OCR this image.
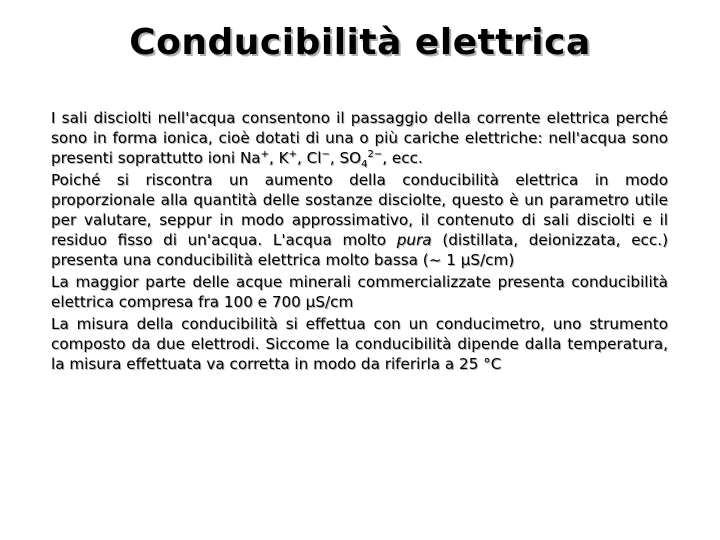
Conducibilità elettrica

I sali disciolti nell'acqua consentono il passaggio della corrente elettrica perché sono in forma ionica, cioè dotati di una o più cariche elettriche: nell'acqua sono presenti soprattutto ioni Na+, K+, Cl−, $SO_4^{2-}$, ecc.

Poiché si riscontra un aumento della conducibilità elettrica in modo proporzionale alla quantità delle sostanze disciolte, questo è un parametro utile per valutare, seppur in modo approssimativo, il contenuto di sali disciolti e il residuo fisso di un'acqua. L'acqua molto pura (distillata, deionizzata, ecc.) presenta una conducibilità elettrica molto bassa (~ 1 µS/cm)

La maggior parte delle acque minerali commercializzate presenta conducibilità elettrica compresa fra 100 e 700 µS/cm

La misura della conducibilità si effettua con un conducimetro, uno strumento composto da due elettrodi. Siccome la conducibilità dipende dalla temperatura, la misura effettuata va corretta in modo da riferirla a 25 °C
